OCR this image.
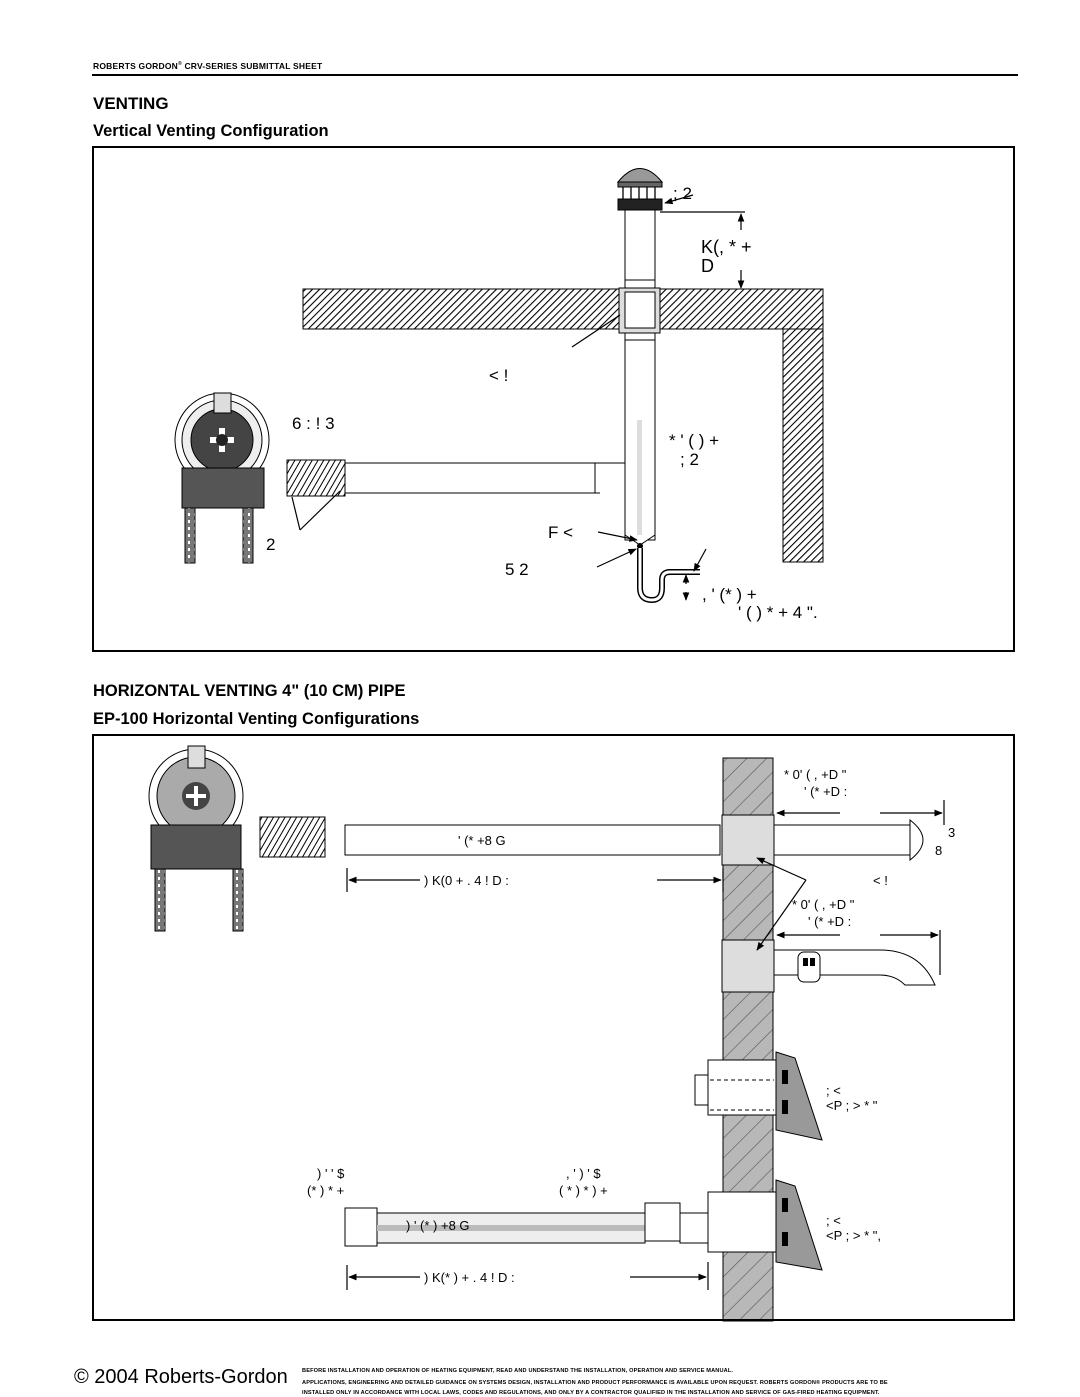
ROBERTS GORDON® CRV-SERIES SUBMITTAL SHEET
VENTING
Vertical Venting Configuration
; 2
K(, * +
D
< !
6 : ! 3
2
* ' ( ) +
; 2
F <
5 2
, ' (* ) +
' ( ) * + 4 ".
HORIZONTAL VENTING 4" (10 CM) PIPE
EP-100 Horizontal Venting Configurations
* 0' ( , +D "
' (* +D :
' (* +8 G
3
8
) K(0 + . 4 ! D :	< !
* 0' ( , +D "
' (* +D :
; <
<P ; > * "
) ' ' $
(* ) * +
, ' ) ' $
( * ) * ) +
) ' (* ) +8 G	; <
<P ; > * ",
) K(* ) + . 4 ! D :
© 2004 Roberts-Gordon	BEFORE INSTALLATION AND OPERATION OF HEATING EQUIPMENT, READ AND UNDERSTAND THE INSTALLATION, OPERATION AND SERVICE MANUAL.
APPLICATIONS, ENGINEERING AND DETAILED GUIDANCE ON SYSTEMS DESIGN, INSTALLATION AND PRODUCT PERFORMANCE IS AVAILABLE UPON REQUEST. ROBERTS GORDON® PRODUCTS ARE TO BE
INSTALLED ONLY IN ACCORDANCE WITH LOCAL LAWS, CODES AND REGULATIONS, AND ONLY BY A CONTRACTOR QUALIFIED IN THE INSTALLATION AND SERVICE OF GAS-FIRED HEATING EQUIPMENT.
